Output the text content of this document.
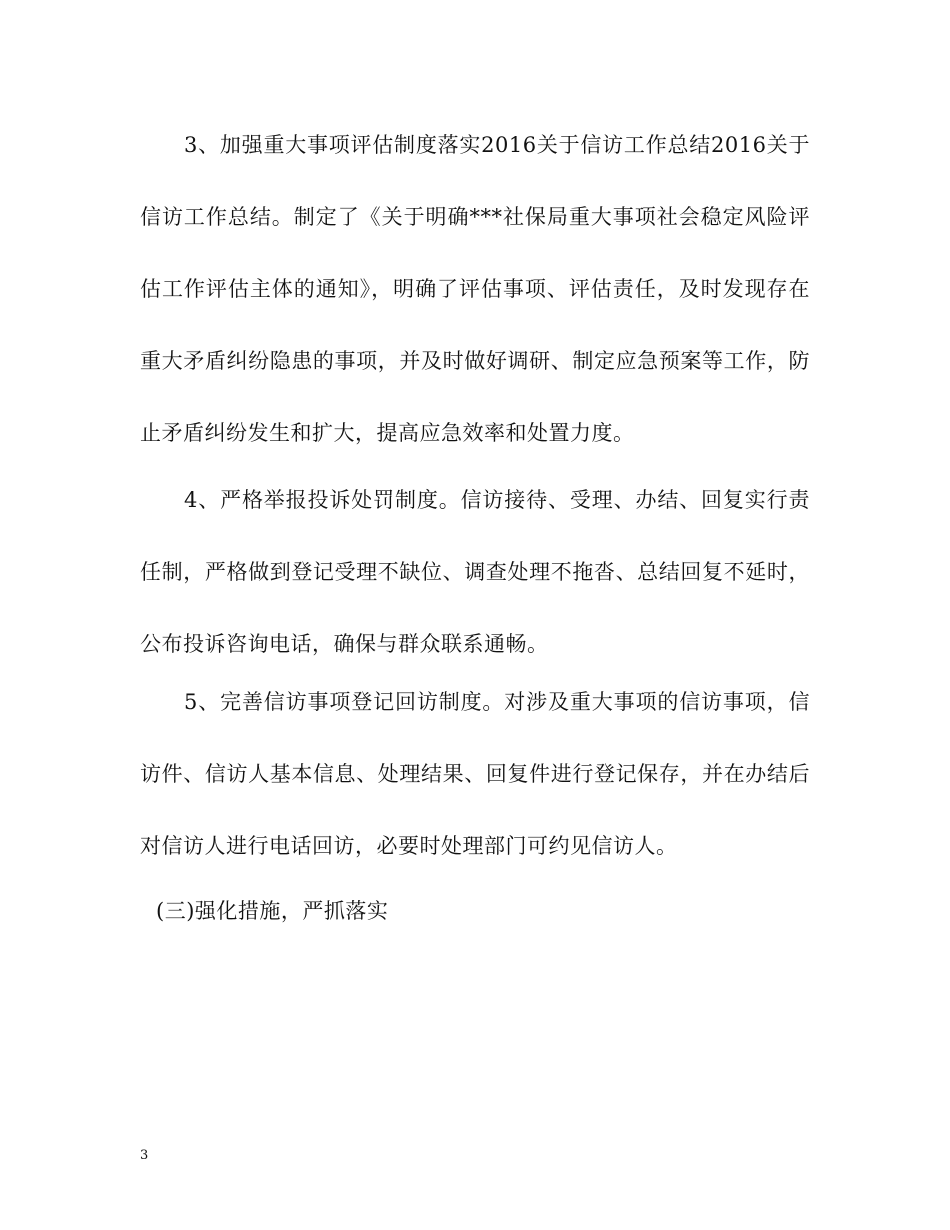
3、加强重大事项评估制度落实2016关于信访工作总结2016关于
信访工作总结。制定了《关于明确***社保局重大事项社会稳定风险评
估工作评估主体的通知》，明确了评估事项、评估责任，及时发现存在
重大矛盾纠纷隐患的事项，并及时做好调研、制定应急预案等工作，防
止矛盾纠纷发生和扩大，提高应急效率和处置力度。
4、严格举报投诉处罚制度。信访接待、受理、办结、回复实行责
任制，严格做到登记受理不缺位、调查处理不拖沓、总结回复不延时，
公布投诉咨询电话，确保与群众联系通畅。
5、完善信访事项登记回访制度。对涉及重大事项的信访事项，信
访件、信访人基本信息、处理结果、回复件进行登记保存，并在办结后
对信访人进行电话回访，必要时处理部门可约见信访人。
(三)强化措施，严抓落实
3
